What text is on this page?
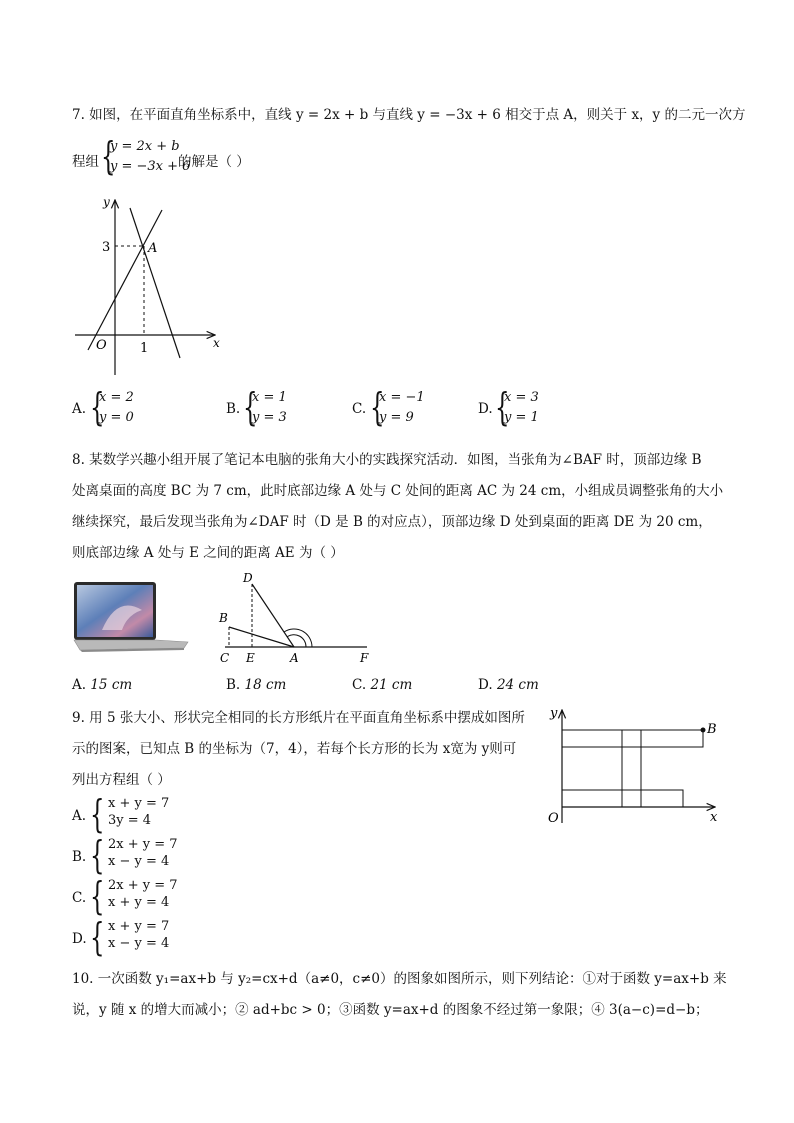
7. 如图，在平面直角坐标系中，直线 y = 2x + b 与直线 y = −3x + 6 相交于点 A，则关于 x，y 的二元一次方
程组 {
y = 2x + b
y = −3x + 6
的解是（ ）
y
x
O
A
3
1
A. {
x = 2
y = 0
B. {
x = 1
y = 3
C. {
x = −1
y = 9
D. {
x = 3
y = 1
8. 某数学兴趣小组开展了笔记本电脑的张角大小的实践探究活动．如图，当张角为∠BAF 时，顶部边缘 B
处离桌面的高度 BC 为 7 cm，此时底部边缘 A 处与 C 处间的距离 AC 为 24 cm，小组成员调整张角的大小
继续探究，最后发现当张角为∠DAF 时（D 是 B 的对应点），顶部边缘 D 处到桌面的距离 DE 为 20 cm，
则底部边缘 A 处与 E 之间的距离 AE 为（ ）
D
B
C E	A	F
A. 15 cm	B. 18 cm	C. 21 cm	D. 24 cm
9. 用 5 张大小、形状完全相同的长方形纸片在平面直角坐标系中摆成如图所
示的图案，已知点 B 的坐标为（7，4），若每个长方形的长为 x宽为 y则可
列出方程组（ ）
B
y
x
O
A. { x + y = 7
3y = 4
B. { 2x + y = 7
x − y = 4
C. { 2x + y = 7
x + y = 4
D. { x + y = 7
x − y = 4
10. 一次函数 y₁=ax+b 与 y₂=cx+d（a≠0，c≠0）的图象如图所示，则下列结论：①对于函数 y=ax+b 来
说，y 随 x 的增大而减小；② ad+bc > 0；③函数 y=ax+d 的图象不经过第一象限；④ 3(a−c)=d−b；
